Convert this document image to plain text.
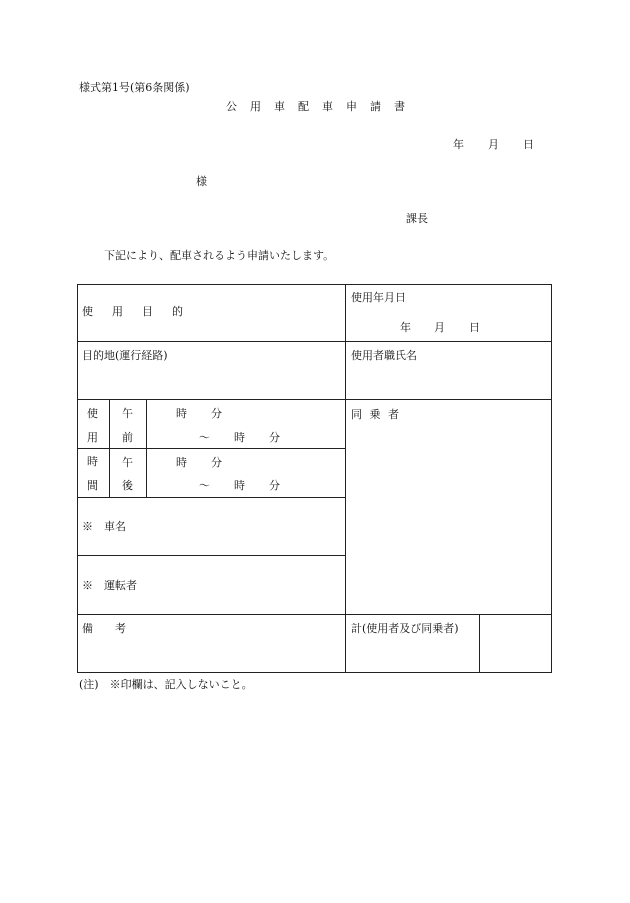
様式第1号(第6条関係)
公 用 車 配 車 申 請 書
年 月 日
様
課長
下記により、配車されるよう申請いたします。
使　用　目　的
使用年月日
年 月 日
目的地(運行経路)	使用者職氏名
使
用
時
間
午
前
時 分
〜 時 分
午
後
時 分
〜 時 分
同 乗 者
※　車名
※　運転者
備　　考	計(使用者及び同乗者)
(注)　※印欄は、記入しないこと。
